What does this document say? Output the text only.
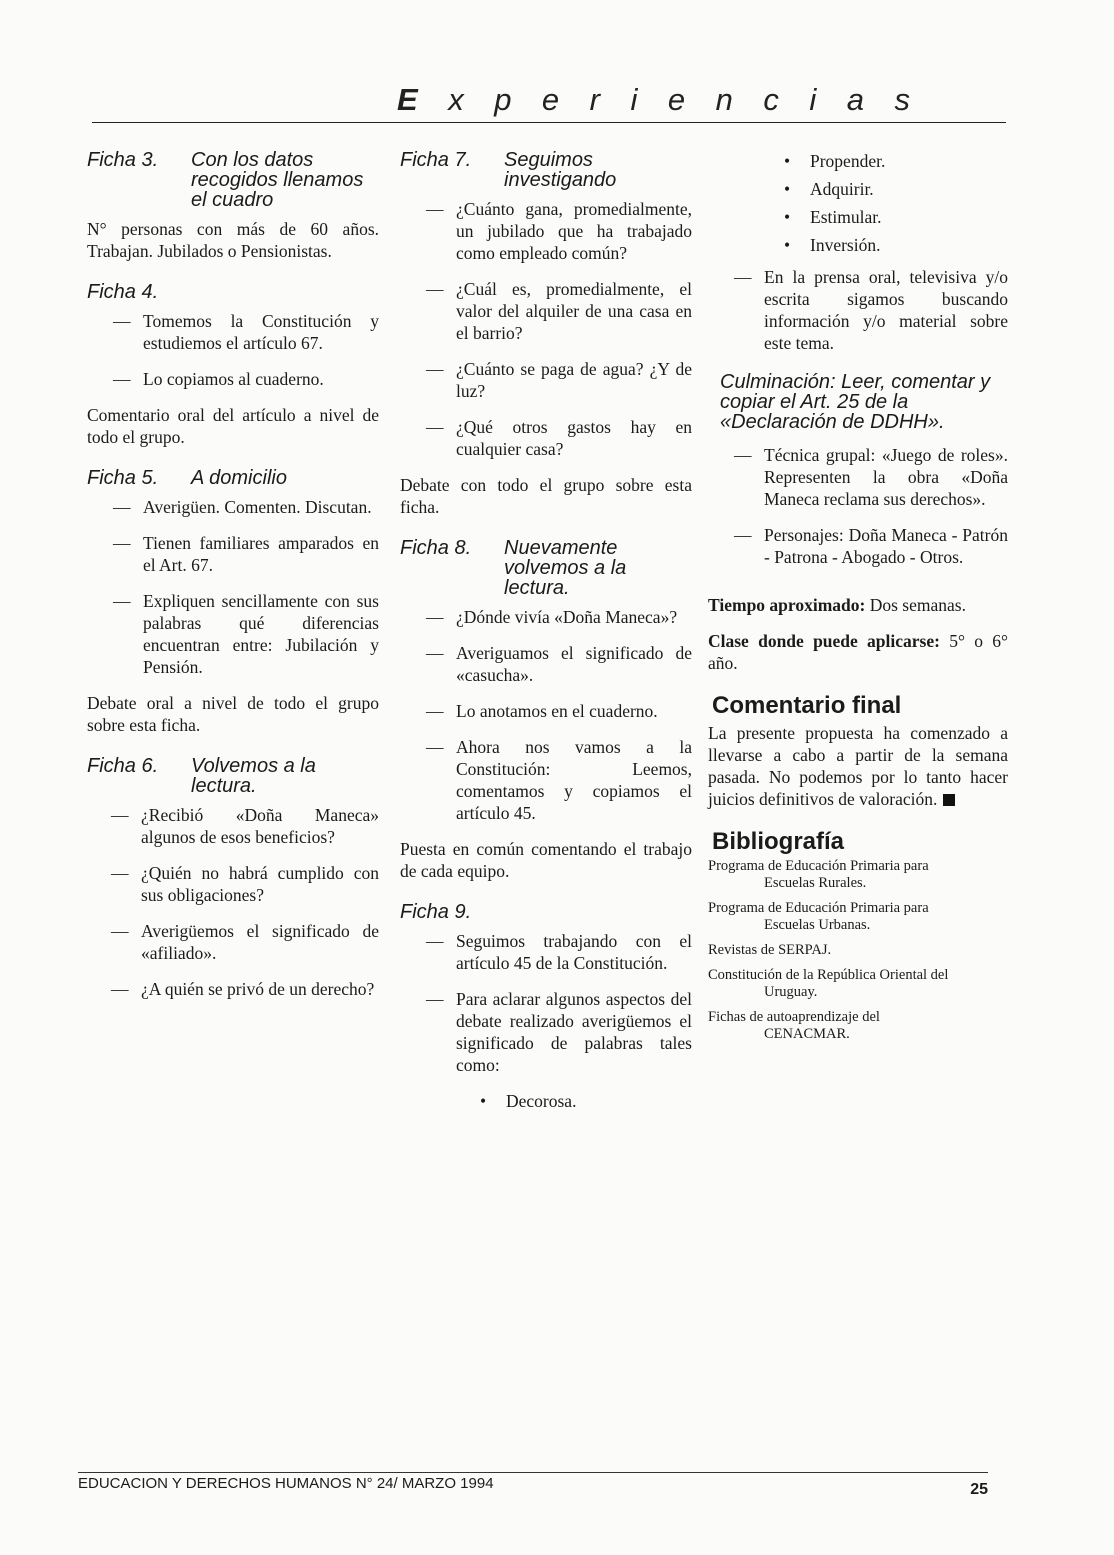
Experiencias
Ficha 3.	Con los datos recogidos llenamos el cuadro

N° personas con más de 60 años. Trabajan. Jubilados o Pensionistas.

Ficha 4.
— Tomemos la Constitución y estudiemos el artículo 67.
— Lo copiamos al cuaderno.

Comentario oral del artículo a nivel de todo el grupo.

Ficha 5.	A domicilio
— Averigüen. Comenten. Discutan.
— Tienen familiares amparados en el Art. 67.
— Expliquen sencillamente con sus palabras qué diferencias encuentran entre: Jubilación y Pensión.

Debate oral a nivel de todo el grupo sobre esta ficha.

Ficha 6.	Volvemos a la lectura.
— ¿Recibió «Doña Maneca» algunos de esos beneficios?
— ¿Quién no habrá cumplido con sus obligaciones?
— Averigüemos el significado de «afiliado».
— ¿A quién se privó de un derecho?
Ficha 7.	Seguimos investigando
— ¿Cuánto gana, promedialmente, un jubilado que ha trabajado como empleado común?
— ¿Cuál es, promedialmente, el valor del alquiler de una casa en el barrio?
— ¿Cuánto se paga de agua? ¿Y de luz?
— ¿Qué otros gastos hay en cualquier casa?

Debate con todo el grupo sobre esta ficha.

Ficha 8.	Nuevamente volvemos a la lectura.
— ¿Dónde vivía «Doña Maneca»?
— Averiguamos el significado de «casucha».
— Lo anotamos en el cuaderno.
— Ahora nos vamos a la Constitución: Leemos, comentamos y copiamos el artículo 45.

Puesta en común comentando el trabajo de cada equipo.

Ficha 9.
— Seguimos trabajando con el artículo 45 de la Constitución.
— Para aclarar algunos aspectos del debate realizado averigüemos el significado de palabras tales como:
•	Decorosa.
•	Propender.
•	Adquirir.
•	Estimular.
•	Inversión.
— En la prensa oral, televisiva y/o escrita sigamos buscando información y/o material sobre este tema.
Culminación: Leer, comentar y copiar el Art. 25 de la «Declaración de DDHH».
— Técnica grupal: «Juego de roles». Representen la obra «Doña Maneca reclama sus derechos».
— Personajes: Doña Maneca - Patrón - Patrona - Abogado - Otros.

Tiempo aproximado: Dos semanas.

Clase donde puede aplicarse: 5° o 6° año.

Comentario final

La presente propuesta ha comenzado a llevarse a cabo a partir de la semana pasada. No podemos por lo tanto hacer juicios definitivos de valoración.

Bibliografía

Programa de Educación Primaria para
Escuelas Rurales.

Programa de Educación Primaria para
Escuelas Urbanas.

Revistas de SERPAJ.

Constitución de la República Oriental del
Uruguay.

Fichas de autoaprendizaje del
CENACMAR.

EDUCACION Y DERECHOS HUMANOS N° 24/ MARZO 1994	25
